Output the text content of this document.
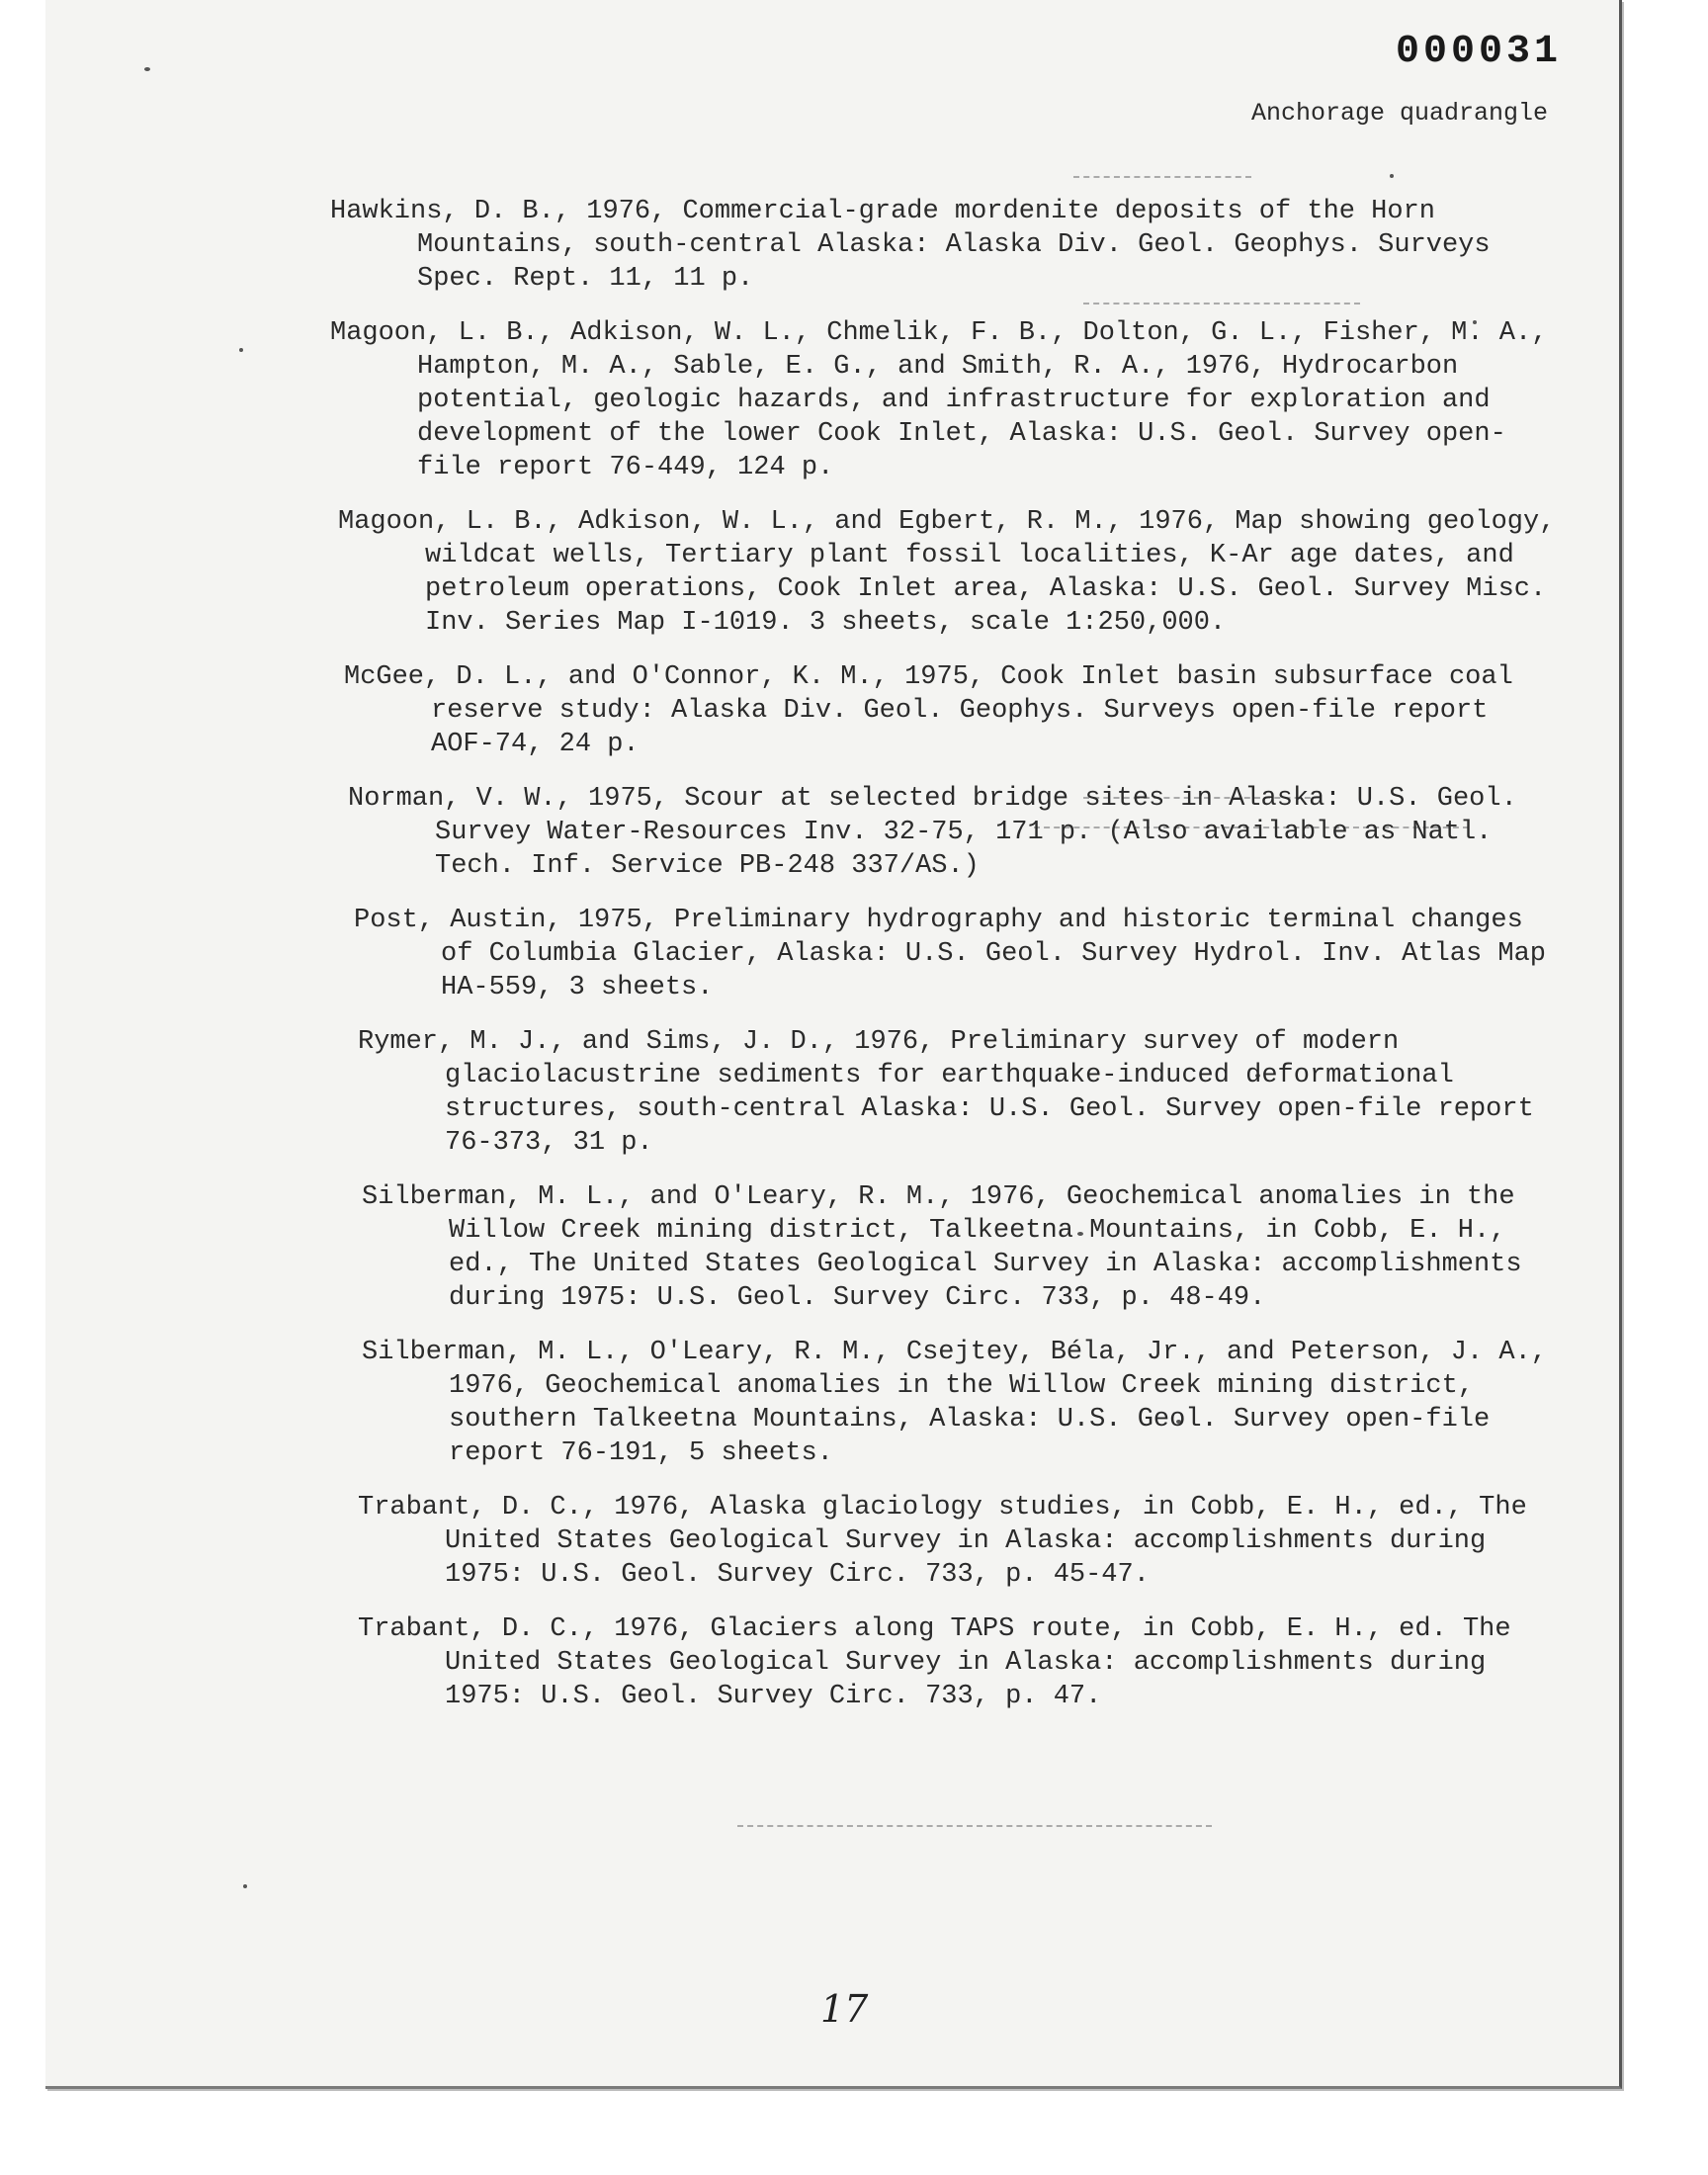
000031
Anchorage quadrangle
Hawkins, D. B., 1976, Commercial-grade mordenite deposits of the Horn Mountains, south-central Alaska: Alaska Div. Geol. Geophys. Surveys Spec. Rept. 11, 11 p.
Magoon, L. B., Adkison, W. L., Chmelik, F. B., Dolton, G. L., Fisher, M. A., Hampton, M. A., Sable, E. G., and Smith, R. A., 1976, Hydrocarbon potential, geologic hazards, and infrastructure for exploration and development of the lower Cook Inlet, Alaska: U.S. Geol. Survey open-file report 76-449, 124 p.
Magoon, L. B., Adkison, W. L., and Egbert, R. M., 1976, Map showing geology, wildcat wells, Tertiary plant fossil localities, K-Ar age dates, and petroleum operations, Cook Inlet area, Alaska: U.S. Geol. Survey Misc. Inv. Series Map I-1019. 3 sheets, scale 1:250,000.
McGee, D. L., and O'Connor, K. M., 1975, Cook Inlet basin subsurface coal reserve study: Alaska Div. Geol. Geophys. Surveys open-file report AOF-74, 24 p.
Norman, V. W., 1975, Scour at selected bridge sites in Alaska: U.S. Geol. Survey Water-Resources Inv. 32-75, 171 p. (Also available as Natl. Tech. Inf. Service PB-248 337/AS.)
Post, Austin, 1975, Preliminary hydrography and historic terminal changes of Columbia Glacier, Alaska: U.S. Geol. Survey Hydrol. Inv. Atlas Map HA-559, 3 sheets.
Rymer, M. J., and Sims, J. D., 1976, Preliminary survey of modern glaciolacustrine sediments for earthquake-induced deformational structures, south-central Alaska: U.S. Geol. Survey open-file report 76-373, 31 p.
Silberman, M. L., and O'Leary, R. M., 1976, Geochemical anomalies in the Willow Creek mining district, Talkeetna Mountains, in Cobb, E. H., ed., The United States Geological Survey in Alaska: accomplishments during 1975: U.S. Geol. Survey Circ. 733, p. 48-49.
Silberman, M. L., O'Leary, R. M., Csejtey, Béla, Jr., and Peterson, J. A., 1976, Geochemical anomalies in the Willow Creek mining district, southern Talkeetna Mountains, Alaska: U.S. Geol. Survey open-file report 76-191, 5 sheets.
Trabant, D. C., 1976, Alaska glaciology studies, in Cobb, E. H., ed., The United States Geological Survey in Alaska: accomplishments during 1975: U.S. Geol. Survey Circ. 733, p. 45-47.
Trabant, D. C., 1976, Glaciers along TAPS route, in Cobb, E. H., ed. The United States Geological Survey in Alaska: accomplishments during 1975: U.S. Geol. Survey Circ. 733, p. 47.
17
